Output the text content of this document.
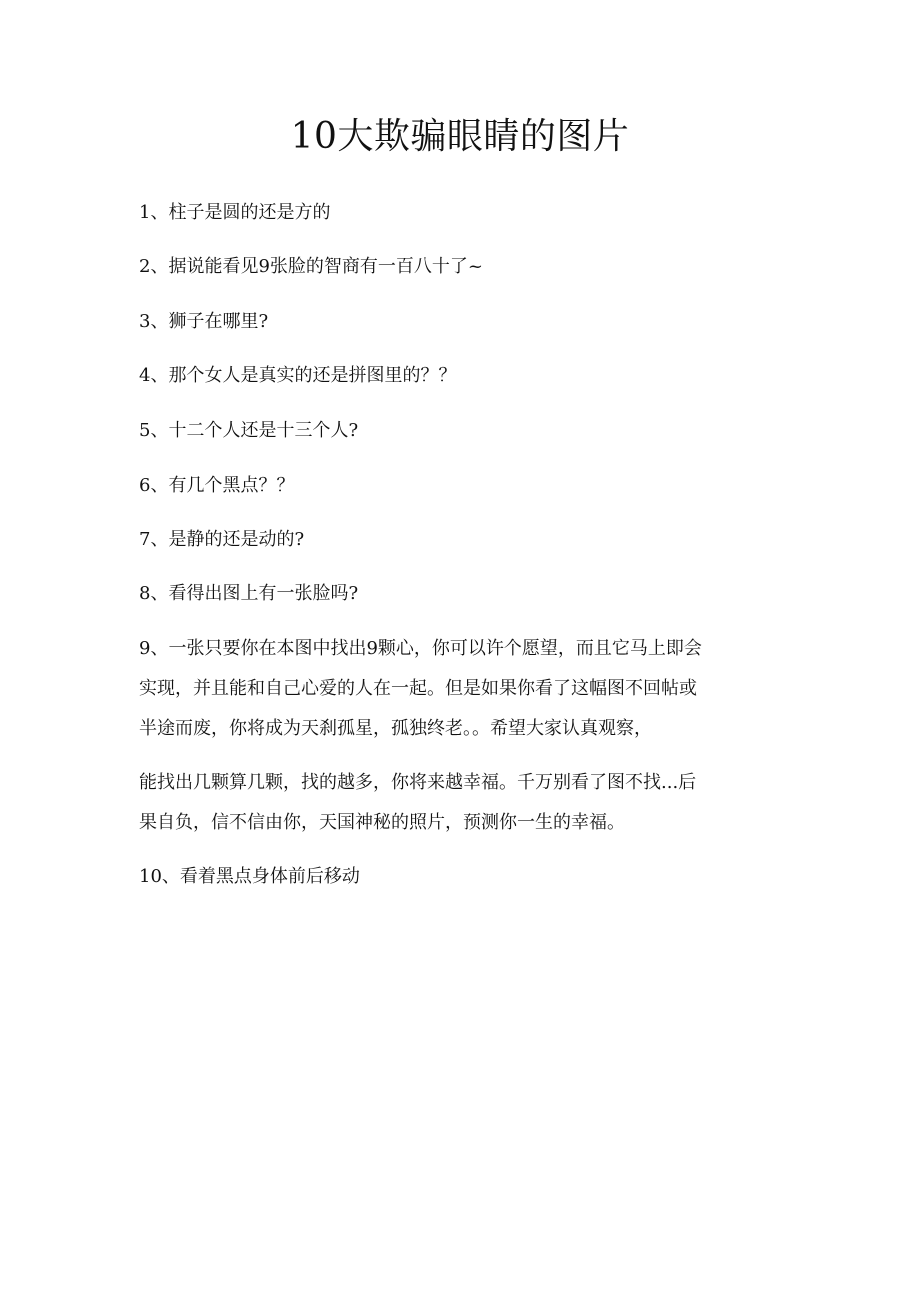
10大欺骗眼睛的图片
1、柱子是圆的还是方的
2、据说能看见9张脸的智商有一百八十了~
3、狮子在哪里?
4、那个女人是真实的还是拼图里的？？
5、十二个人还是十三个人?
6、有几个黑点？？
7、是静的还是动的?
8、看得出图上有一张脸吗?
9、一张只要你在本图中找出9颗心，你可以许个愿望，而且它马上即会
实现，并且能和自己心爱的人在一起。但是如果你看了这幅图不回帖或
半途而废，你将成为天刹孤星，孤独终老。。希望大家认真观察，
能找出几颗算几颗，找的越多，你将来越幸福。千万别看了图不找...后
果自负，信不信由你，天国神秘的照片，预测你一生的幸福。
10、看着黑点身体前后移动
